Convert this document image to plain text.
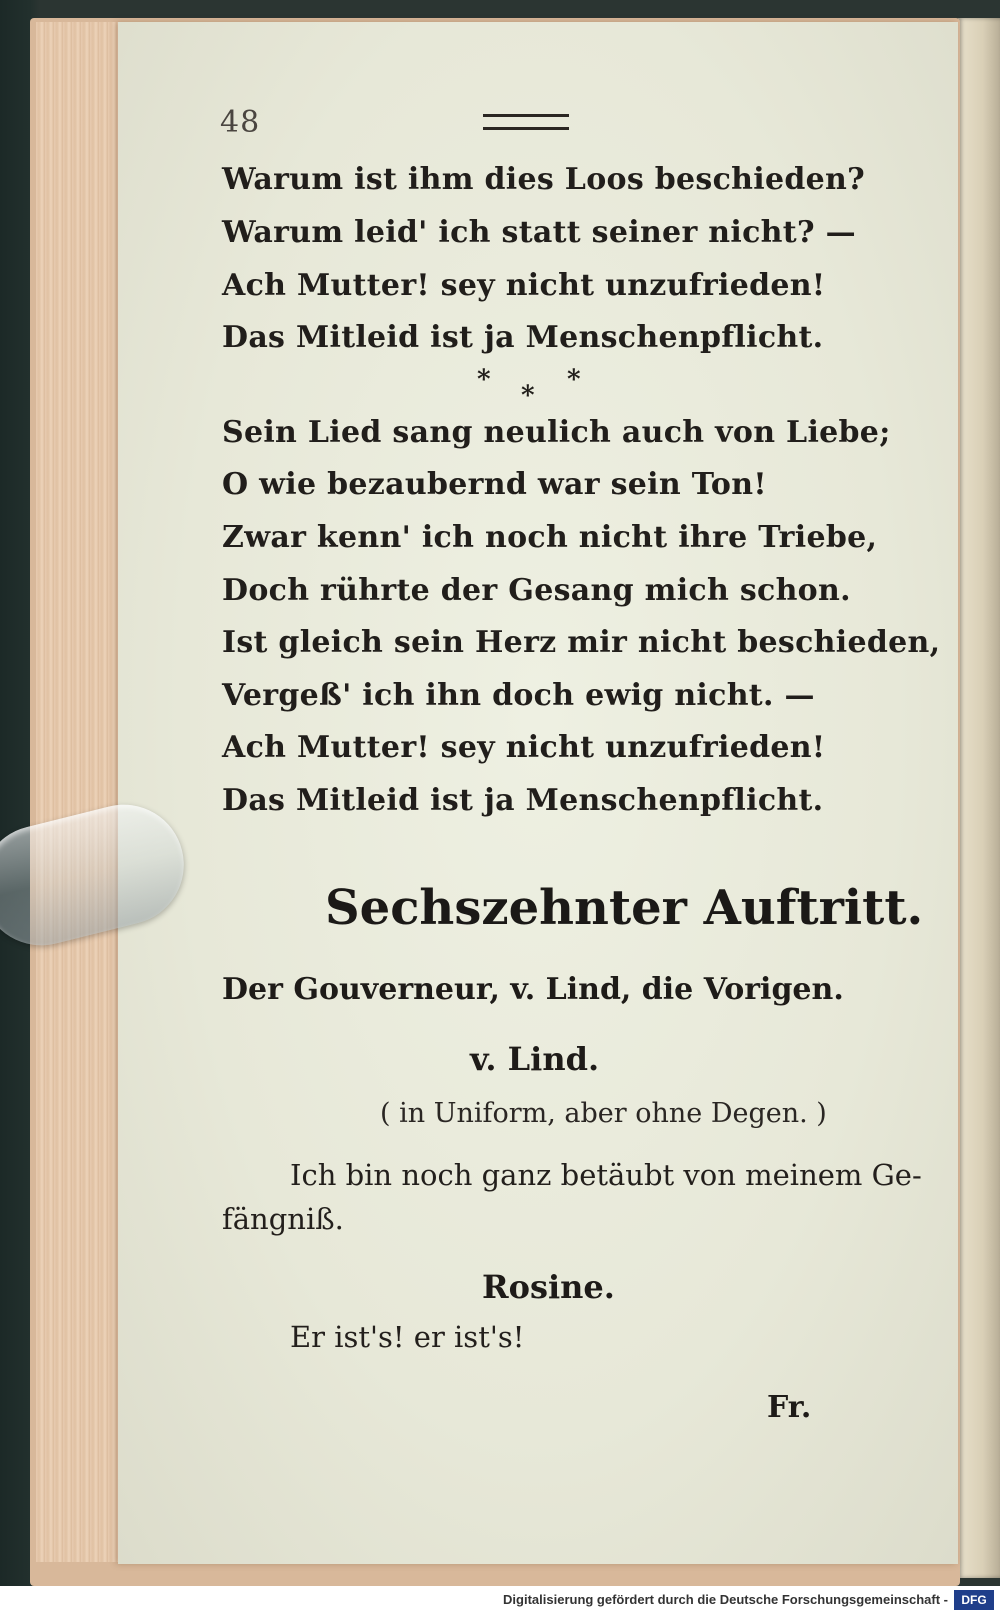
48
Warum ist ihm dies Loos beschieden?
Warum leid' ich statt seiner nicht? —
Ach Mutter! sey nicht unzufrieden!
Das Mitleid ist ja Menschenpflicht.
*
*
*
Sein Lied sang neulich auch von Liebe;
O wie bezaubernd war sein Ton!
Zwar kenn' ich noch nicht ihre Triebe,
Doch rührte der Gesang mich schon.
Ist gleich sein Herz mir nicht beschieden,
Vergeß' ich ihn doch ewig nicht. —
Ach Mutter! sey nicht unzufrieden!
Das Mitleid ist ja Menschenpflicht.
Sechszehnter Auftritt.
Der Gouverneur, v. Lind, die Vorigen.
v. Lind.
( in Uniform, aber ohne Degen. )
Ich bin noch ganz betäubt von meinem Ge-
fängniß.
Rosine.
Er ist's! er ist's!
Fr.
Digitalisierung gefördert durch die Deutsche Forschungsgemeinschaft -	DFG
